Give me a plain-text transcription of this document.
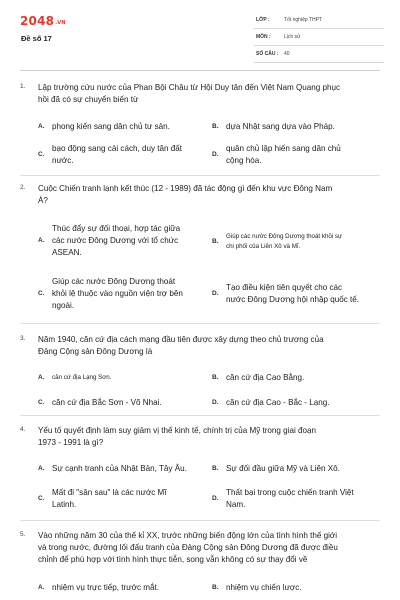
2048.VN
Đề số 17
LỚP :	Tốt nghiệp THPT
MÔN :	Lịch sử
SỐ CÂU : 40
1. Lập trường cứu nước của Phan Bội Châu từ Hội Duy tân đến Việt Nam Quang phục
hồi đã có sự chuyển biến từ
A. phong kiến sang dân chủ tư sản.	B. dựa Nhật sang dựa vào Pháp.
C.
bạo động sang cải cách, duy tân đất
nước.
D.
quân chủ lập hiến sang dân chủ
cộng hòa.
2. Cuộc Chiến tranh lạnh kết thúc (12 - 1989) đã tác động gì đến khu vực Đông Nam
Á?
A.
Thúc đẩy sự đối thoại, hợp tác giữa
các nước Đông Dương với tổ chức
ASEAN.
B.
Giúp các nước Đông Dương thoát khỏi sự
chi phối của Liên Xô và Mĩ.
C.
Giúp các nước Đông Dương thoát
khỏi lệ thuộc vào nguồn viện trợ bên
ngoài.
D.
Tạo điều kiện tiên quyết cho các
nước Đông Dương hội nhập quốc tế.
3. Năm 1940, căn cứ địa cách mạng đầu tiên được xây dựng theo chủ trương của
Đảng Cộng sản Đông Dương là
A. căn cứ địa Lạng Sơn.	B. căn cứ địa Cao Bằng.
C. căn cứ địa Bắc Sơn - Võ Nhai.	D. căn cứ địa Cao - Bắc - Lạng.
4. Yếu tố quyết định làm suy giảm vị thế kinh tế, chính trị của Mỹ trong giai đoạn
1973 - 1991 là gì?
A. Sự cạnh tranh của Nhật Bản, Tây Âu.	B. Sự đối đầu giữa Mỹ và Liên Xô.
C.
Mất đi "sân sau" là các nước Mĩ
Latinh.
D.
Thất bại trong cuộc chiến tranh Việt
Nam.
5. Vào những năm 30 của thế kỉ XX, trước những biến động lớn của tình hình thế giới
và trong nước, đường lối đấu tranh của Đảng Cộng sản Đông Dương đã được điều
chỉnh để phù hợp với tình hình thực tiễn, song vẫn không có sự thay đổi về
A. nhiệm vụ trực tiếp, trước mắt.	B. nhiệm vụ chiến lược.
